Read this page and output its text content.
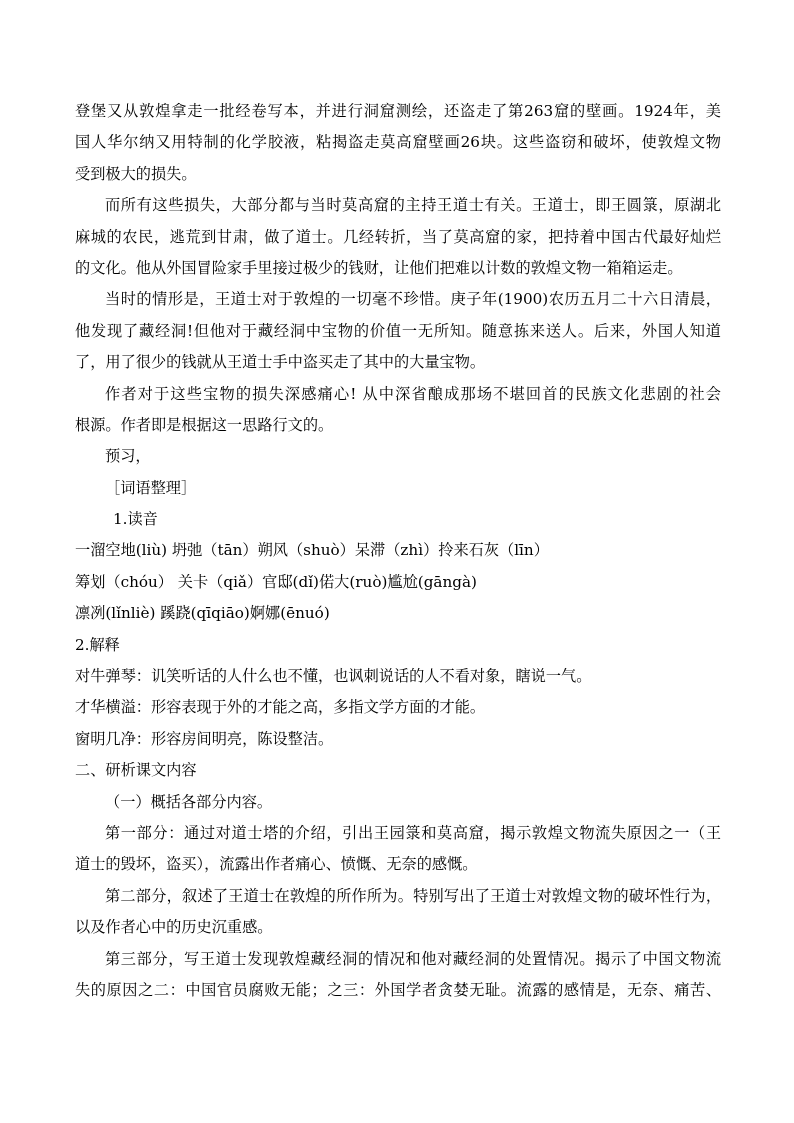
登堡又从敦煌拿走一批经卷写本，并进行洞窟测绘，还盗走了第263窟的壁画。1924年，美
国人华尔纳又用特制的化学胶液，粘揭盗走莫高窟壁画26块。这些盗窃和破坏，使敦煌文物
受到极大的损失。
而所有这些损失，大部分都与当时莫高窟的主持王道士有关。王道士，即王圆箓，原湖北
麻城的农民，逃荒到甘肃，做了道士。几经转折，当了莫高窟的家，把持着中国古代最好灿烂
的文化。他从外国冒险家手里接过极少的钱财，让他们把难以计数的敦煌文物一箱箱运走。
当时的情形是，王道士对于敦煌的一切毫不珍惜。庚子年(1900)农历五月二十六日清晨，
他发现了藏经洞!但他对于藏经洞中宝物的价值一无所知。随意拣来送人。后来，外国人知道
了，用了很少的钱就从王道士手中盗买走了其中的大量宝物。
作者对于这些宝物的损失深感痛心! 从中深省酿成那场不堪回首的民族文化悲剧的社会
根源。作者即是根据这一思路行文的。
预习，
［词语整理］
1.读音
一溜空地(liù) 坍弛（tān）朔风（shuò）呆滞（zhì）拎来石灰（līn）
筹划（chóu） 关卡（qiǎ）官邸(dǐ)偌大(ruò)尴尬(gāngà)
凛冽(lǐnliè) 蹊跷(qīqiāo)婀娜(ēnuó)
2.解释
对牛弹琴：讥笑听话的人什么也不懂，也讽刺说话的人不看对象，瞎说一气。
才华横溢：形容表现于外的才能之高，多指文学方面的才能。
窗明几净：形容房间明亮，陈设整洁。
二、研析课文内容
（一）概括各部分内容。
第一部分：通过对道士塔的介绍，引出王园箓和莫高窟，揭示敦煌文物流失原因之一（王
道士的毁坏，盗买），流露出作者痛心、愤慨、无奈的感慨。
第二部分，叙述了王道士在敦煌的所作所为。特别写出了王道士对敦煌文物的破坏性行为，
以及作者心中的历史沉重感。
第三部分，写王道士发现敦煌藏经洞的情况和他对藏经洞的处置情况。揭示了中国文物流
失的原因之二：中国官员腐败无能；之三：外国学者贪婪无耻。流露的感情是，无奈、痛苦、
